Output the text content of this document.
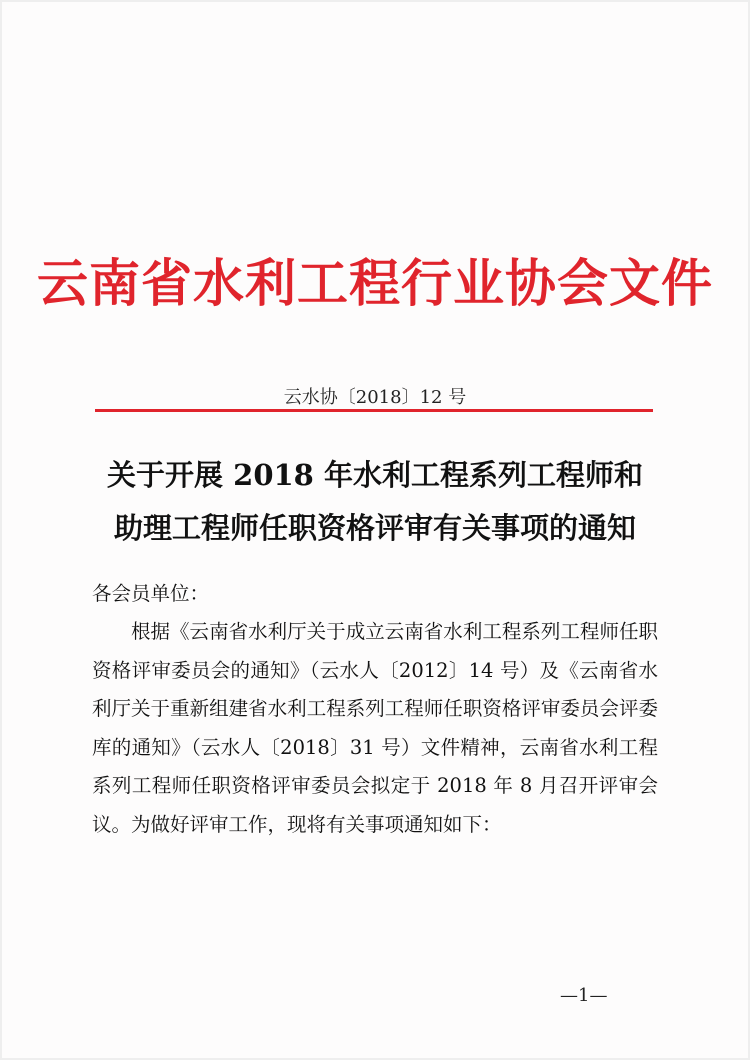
云南省水利工程行业协会文件
云水协〔2018〕12 号
关于开展 2018 年水利工程系列工程师和
助理工程师任职资格评审有关事项的通知
各会员单位：
根据《云南省水利厅关于成立云南省水利工程系列工程师任职资格评审委员会的通知》（云水人〔2012〕14 号）及《云南省水利厅关于重新组建省水利工程系列工程师任职资格评审委员会评委库的通知》（云水人〔2018〕31 号）文件精神，云南省水利工程系列工程师任职资格评审委员会拟定于 2018 年 8 月召开评审会议。为做好评审工作，现将有关事项通知如下：
—1—
